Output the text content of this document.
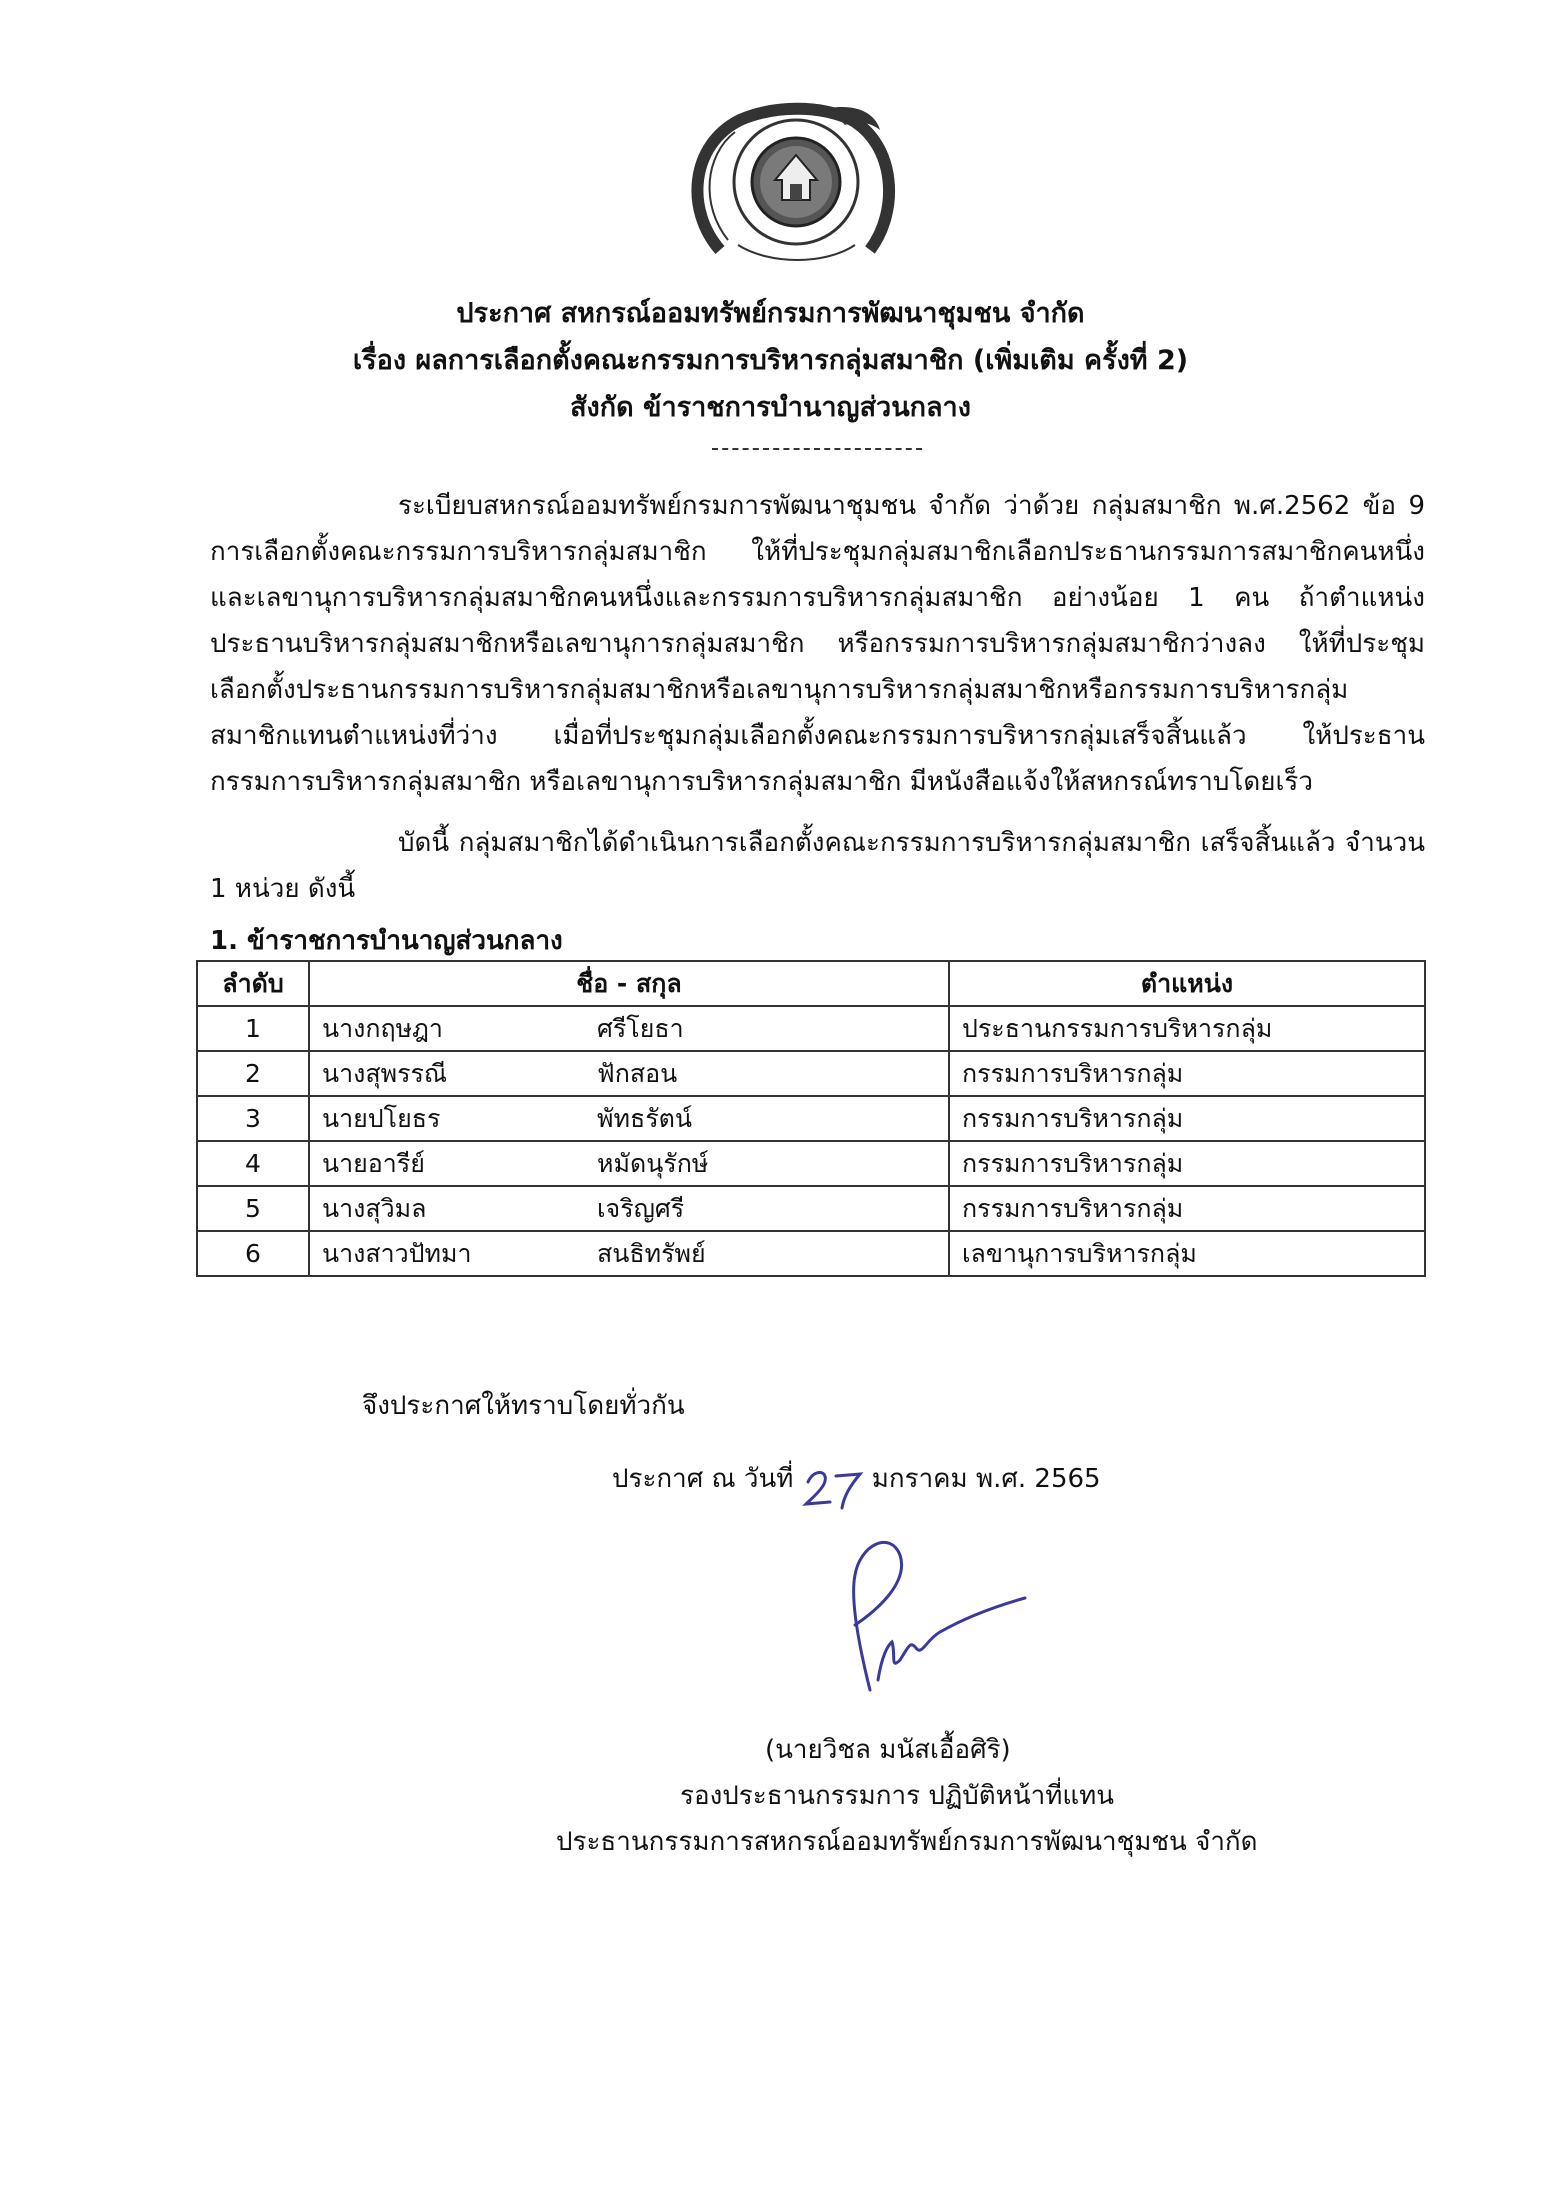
ประกาศ สหกรณ์ออมทรัพย์กรมการพัฒนาชุมชน จำกัด
เรื่อง ผลการเลือกตั้งคณะกรรมการบริหารกลุ่มสมาชิก (เพิ่มเติม ครั้งที่ 2)
สังกัด ข้าราชการบำนาญส่วนกลาง
ระเบียบสหกรณ์ออมทรัพย์กรมการพัฒนาชุมชน จำกัด ว่าด้วย กลุ่มสมาชิก พ.ศ.2562 ข้อ 9 การเลือกตั้งคณะกรรมการบริหารกลุ่มสมาชิก ให้ที่ประชุมกลุ่มสมาชิกเลือกประธานกรรมการสมาชิกคนหนึ่ง และเลขานุการบริหารกลุ่มสมาชิกคนหนึ่งและกรรมการบริหารกลุ่มสมาชิก อย่างน้อย 1 คน ถ้าตำแหน่ง ประธานบริหารกลุ่มสมาชิกหรือเลขานุการกลุ่มสมาชิก หรือกรรมการบริหารกลุ่มสมาชิกว่างลง ให้ที่ประชุม เลือกตั้งประธานกรรมการบริหารกลุ่มสมาชิกหรือเลขานุการบริหารกลุ่มสมาชิกหรือกรรมการบริหารกลุ่ม สมาชิกแทนตำแหน่งที่ว่าง เมื่อที่ประชุมกลุ่มเลือกตั้งคณะกรรมการบริหารกลุ่มเสร็จสิ้นแล้ว ให้ประธาน กรรมการบริหารกลุ่มสมาชิก หรือเลขานุการบริหารกลุ่มสมาชิก มีหนังสือแจ้งให้สหกรณ์ทราบโดยเร็ว
บัดนี้ กลุ่มสมาชิกได้ดำเนินการเลือกตั้งคณะกรรมการบริหารกลุ่มสมาชิก เสร็จสิ้นแล้ว จำนวน 1 หน่วย ดังนี้
1. ข้าราชการบำนาญส่วนกลาง
ลำดับ	ชื่อ - สกุล	ตำแหน่ง
1	นางกฤษฎา ศรีโยธา	ประธานกรรมการบริหารกลุ่ม
2	นางสุพรรณี ฟักสอน	กรรมการบริหารกลุ่ม
3	นายปโยธร พัทธรัตน์	กรรมการบริหารกลุ่ม
4	นายอารีย์ หมัดนุรักษ์	กรรมการบริหารกลุ่ม
5	นางสุวิมล เจริญศรี	กรรมการบริหารกลุ่ม
6	นางสาวปัทมา สนธิทรัพย์	เลขานุการบริหารกลุ่ม
จึงประกาศให้ทราบโดยทั่วกัน
ประกาศ ณ วันที่	มกราคม พ.ศ. 2565
(นายวิชล มนัสเอื้อศิริ)
รองประธานกรรมการ ปฏิบัติหน้าที่แทน
ประธานกรรมการสหกรณ์ออมทรัพย์กรมการพัฒนาชุมชน จำกัด
